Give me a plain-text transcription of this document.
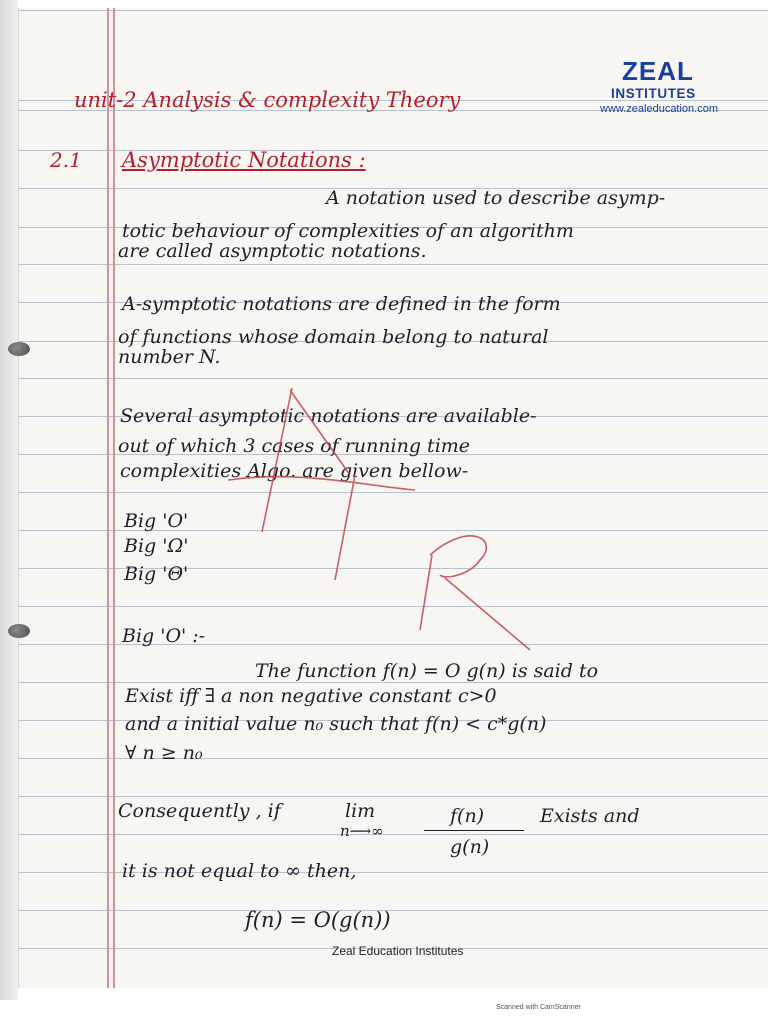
ZEAL
INSTITUTES
www.zealeducation.com
unit-2 Analysis & complexity Theory
2.1 Asymptotic Notations :
A notation used to describe asymp-
totic behaviour of complexities of an algorithm
are called asymptotic notations.
A-symptotic notations are defined in the form
of functions whose domain belong to natural
number N.
Several asymptotic notations are available-
out of which 3 cases of running time
complexities Algo. are given bellow-
Big 'O'
Big 'Ω'
Big 'Θ'
Big 'O' :-
The function f(n) = O g(n) is said to
Exist iff ∃ a non negative constant c>0
and a initial value n₀ such that f(n) < c*g(n)
∀ n ≥ n₀
Consequently , if	lim
n⟶∞
f(n)
g(n)
Exists and
it is not equal to ∞ then,
f(n) = O(g(n))
Zeal Education Institutes
Scanned with CamScanner
